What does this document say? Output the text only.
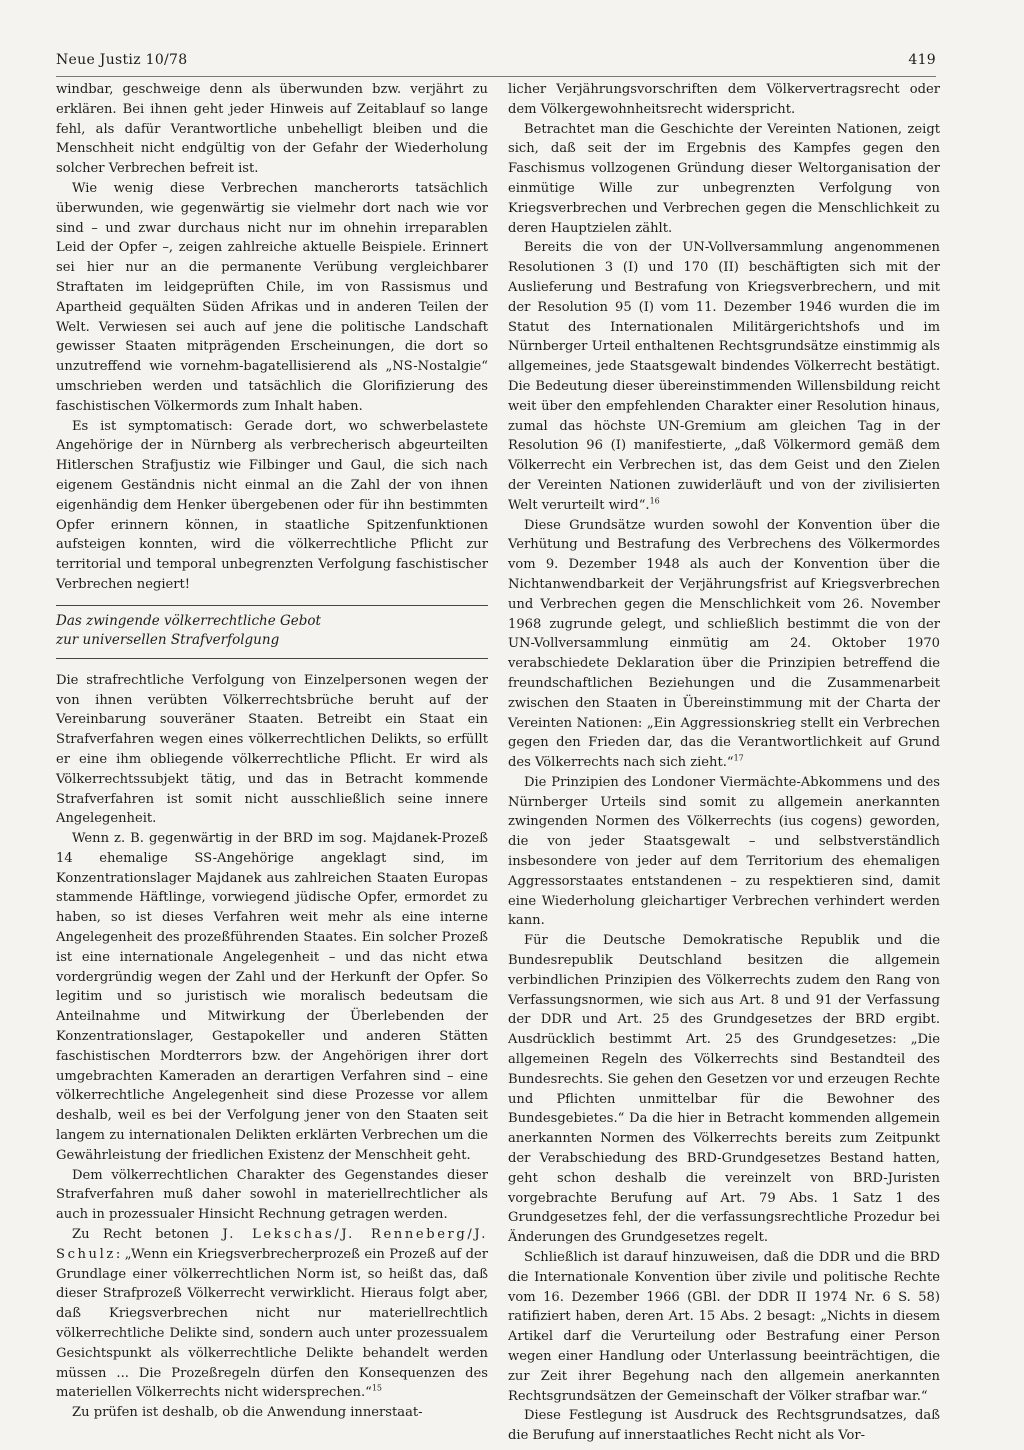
Neue Justiz 10/78	419

windbar, geschweige denn als überwunden bzw. verjährt zu erklären. Bei ihnen geht jeder Hinweis auf Zeitablauf so lange fehl, als dafür Verantwortliche unbehelligt bleiben und die Menschheit nicht endgültig von der Gefahr der Wiederholung solcher Verbrechen befreit ist.

Wie wenig diese Verbrechen mancherorts tatsächlich überwunden, wie gegenwärtig sie vielmehr dort nach wie vor sind – und zwar durchaus nicht nur im ohnehin irreparablen Leid der Opfer –, zeigen zahlreiche aktuelle Beispiele. Erinnert sei hier nur an die permanente Verübung vergleichbarer Straftaten im leidgeprüften Chile, im von Rassismus und Apartheid gequälten Süden Afrikas und in anderen Teilen der Welt. Verwiesen sei auch auf jene die politische Landschaft gewisser Staaten mitprägenden Erscheinungen, die dort so unzutreffend wie vornehm-bagatellisierend als „NS-Nostalgie“ umschrieben werden und tatsächlich die Glorifizierung des faschistischen Völkermords zum Inhalt haben.

Es ist symptomatisch: Gerade dort, wo schwerbelastete Angehörige der in Nürnberg als verbrecherisch abgeurteilten Hitlerschen Strafjustiz wie Filbinger und Gaul, die sich nach eigenem Geständnis nicht einmal an die Zahl der von ihnen eigenhändig dem Henker übergebenen oder für ihn bestimmten Opfer erinnern können, in staatliche Spitzenfunktionen aufsteigen konnten, wird die völkerrechtliche Pflicht zur territorial und temporal unbegrenzten Verfolgung faschistischer Verbrechen negiert!

Das zwingende völkerrechtliche Gebot
zur universellen Strafverfolgung

Die strafrechtliche Verfolgung von Einzelpersonen wegen der von ihnen verübten Völkerrechtsbrüche beruht auf der Vereinbarung souveräner Staaten. Betreibt ein Staat ein Strafverfahren wegen eines völkerrechtlichen Delikts, so erfüllt er eine ihm obliegende völkerrechtliche Pflicht. Er wird als Völkerrechtssubjekt tätig, und das in Betracht kommende Strafverfahren ist somit nicht ausschließlich seine innere Angelegenheit.

Wenn z. B. gegenwärtig in der BRD im sog. Majdanek-Prozeß 14 ehemalige SS-Angehörige angeklagt sind, im Konzentrationslager Majdanek aus zahlreichen Staaten Europas stammende Häftlinge, vorwiegend jüdische Opfer, ermordet zu haben, so ist dieses Verfahren weit mehr als eine interne Angelegenheit des prozeßführenden Staates. Ein solcher Prozeß ist eine internationale Angelegenheit – und das nicht etwa vordergründig wegen der Zahl und der Herkunft der Opfer. So legitim und so juristisch wie moralisch bedeutsam die Anteilnahme und Mitwirkung der Überlebenden der Konzentrationslager, Gestapokeller und anderen Stätten faschistischen Mordterrors bzw. der Angehörigen ihrer dort umgebrachten Kameraden an derartigen Verfahren sind – eine völkerrechtliche Angelegenheit sind diese Prozesse vor allem deshalb, weil es bei der Verfolgung jener von den Staaten seit langem zu internationalen Delikten erklärten Verbrechen um die Gewährleistung der friedlichen Existenz der Menschheit geht.

Dem völkerrechtlichen Charakter des Gegenstandes dieser Strafverfahren muß daher sowohl in materiellrechtlicher als auch in prozessualer Hinsicht Rechnung getragen werden.

Zu Recht betonen J. Lekschas/J. Renneberg/J. Schulz: „Wenn ein Kriegsverbrecherprozeß ein Prozeß auf der Grundlage einer völkerrechtlichen Norm ist, so heißt das, daß dieser Strafprozeß Völkerrecht verwirklicht. Hieraus folgt aber, daß Kriegsverbrechen nicht nur materiellrechtlich völkerrechtliche Delikte sind, sondern auch unter prozessualem Gesichtspunkt als völkerrechtliche Delikte behandelt werden müssen ... Die Prozeßregeln dürfen den Konsequenzen des materiellen Völkerrechts nicht widersprechen.“$^{15}$

Zu prüfen ist deshalb, ob die Anwendung innerstaat-

licher Verjährungsvorschriften dem Völkervertragsrecht oder dem Völkergewohnheitsrecht widerspricht.

Betrachtet man die Geschichte der Vereinten Nationen, zeigt sich, daß seit der im Ergebnis des Kampfes gegen den Faschismus vollzogenen Gründung dieser Weltorganisation der einmütige Wille zur unbegrenzten Verfolgung von Kriegsverbrechen und Verbrechen gegen die Menschlichkeit zu deren Hauptzielen zählt.

Bereits die von der UN-Vollversammlung angenommenen Resolutionen 3 (I) und 170 (II) beschäftigten sich mit der Auslieferung und Bestrafung von Kriegsverbrechern, und mit der Resolution 95 (I) vom 11. Dezember 1946 wurden die im Statut des Internationalen Militärgerichtshofs und im Nürnberger Urteil enthaltenen Rechtsgrundsätze einstimmig als allgemeines, jede Staatsgewalt bindendes Völkerrecht bestätigt. Die Bedeutung dieser übereinstimmenden Willensbildung reicht weit über den empfehlenden Charakter einer Resolution hinaus, zumal das höchste UN-Gremium am gleichen Tag in der Resolution 96 (I) manifestierte, „daß Völkermord gemäß dem Völkerrecht ein Verbrechen ist, das dem Geist und den Zielen der Vereinten Nationen zuwiderläuft und von der zivilisierten Welt verurteilt wird“.$^{16}$

Diese Grundsätze wurden sowohl der Konvention über die Verhütung und Bestrafung des Verbrechens des Völkermordes vom 9. Dezember 1948 als auch der Konvention über die Nichtanwendbarkeit der Verjährungsfrist auf Kriegsverbrechen und Verbrechen gegen die Menschlichkeit vom 26. November 1968 zugrunde gelegt, und schließlich bestimmt die von der UN-Vollversammlung einmütig am 24. Oktober 1970 verabschiedete Deklaration über die Prinzipien betreffend die freundschaftlichen Beziehungen und die Zusammenarbeit zwischen den Staaten in Übereinstimmung mit der Charta der Vereinten Nationen: „Ein Aggressionskrieg stellt ein Verbrechen gegen den Frieden dar, das die Verantwortlichkeit auf Grund des Völkerrechts nach sich zieht.“$^{17}$

Die Prinzipien des Londoner Viermächte-Abkommens und des Nürnberger Urteils sind somit zu allgemein anerkannten zwingenden Normen des Völkerrechts (ius cogens) geworden, die von jeder Staatsgewalt – und selbstverständlich insbesondere von jeder auf dem Territorium des ehemaligen Aggressorstaates entstandenen – zu respektieren sind, damit eine Wiederholung gleichartiger Verbrechen verhindert werden kann.

Für die Deutsche Demokratische Republik und die Bundesrepublik Deutschland besitzen die allgemein verbindlichen Prinzipien des Völkerrechts zudem den Rang von Verfassungsnormen, wie sich aus Art. 8 und 91 der Verfassung der DDR und Art. 25 des Grundgesetzes der BRD ergibt. Ausdrücklich bestimmt Art. 25 des Grundgesetzes: „Die allgemeinen Regeln des Völkerrechts sind Bestandteil des Bundesrechts. Sie gehen den Gesetzen vor und erzeugen Rechte und Pflichten unmittelbar für die Bewohner des Bundesgebietes.“ Da die hier in Betracht kommenden allgemein anerkannten Normen des Völkerrechts bereits zum Zeitpunkt der Verabschiedung des BRD-Grundgesetzes Bestand hatten, geht schon deshalb die vereinzelt von BRD-Juristen vorgebrachte Berufung auf Art. 79 Abs. 1 Satz 1 des Grundgesetzes fehl, der die verfassungsrechtliche Prozedur bei Änderungen des Grundgesetzes regelt.

Schließlich ist darauf hinzuweisen, daß die DDR und die BRD die Internationale Konvention über zivile und politische Rechte vom 16. Dezember 1966 (GBl. der DDR II 1974 Nr. 6 S. 58) ratifiziert haben, deren Art. 15 Abs. 2 besagt: „Nichts in diesem Artikel darf die Verurteilung oder Bestrafung einer Person wegen einer Handlung oder Unterlassung beeinträchtigen, die zur Zeit ihrer Begehung nach den allgemein anerkannten Rechtsgrundsätzen der Gemeinschaft der Völker strafbar war.“

Diese Festlegung ist Ausdruck des Rechtsgrundsatzes, daß die Berufung auf innerstaatliches Recht nicht als Vor-
